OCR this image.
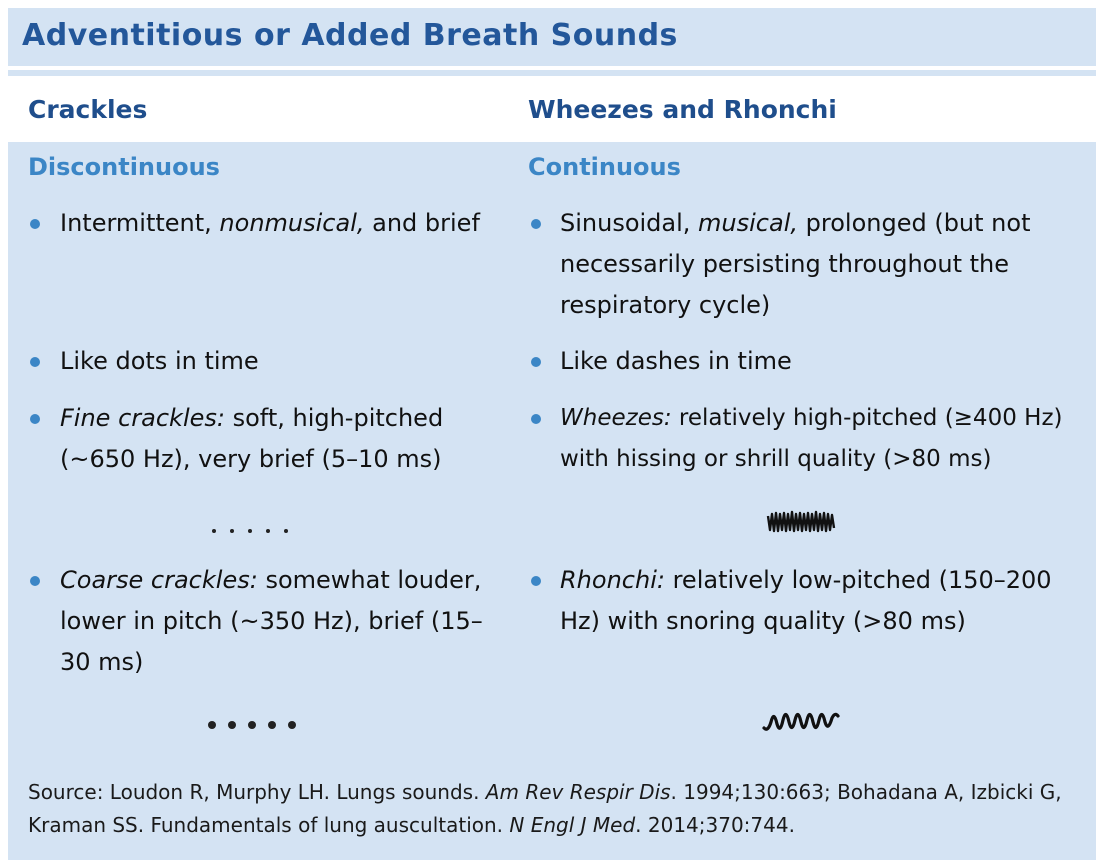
Adventitious or Added Breath Sounds
Crackles	Wheezes and Rhonchi
Discontinuous	Continuous
Intermittent, nonmusical, and brief
Like dots in time
Fine crackles: soft, high-pitched (~650 Hz), very brief (5–10 ms)
Coarse crackles: somewhat louder, lower in pitch (~350 Hz), brief (15–30 ms)
Sinusoidal, musical, prolonged (but not necessarily persisting throughout the respiratory cycle)
Like dashes in time
Wheezes: relatively high-pitched (≥400 Hz) with hissing or shrill quality (>80 ms)
Rhonchi: relatively low-pitched (150–200 Hz) with snoring quality (>80 ms)
Source: Loudon R, Murphy LH. Lungs sounds. Am Rev Respir Dis. 1994;130:663; Bohadana A, Izbicki G, Kraman SS. Fundamentals of lung auscultation. N Engl J Med. 2014;370:744.
